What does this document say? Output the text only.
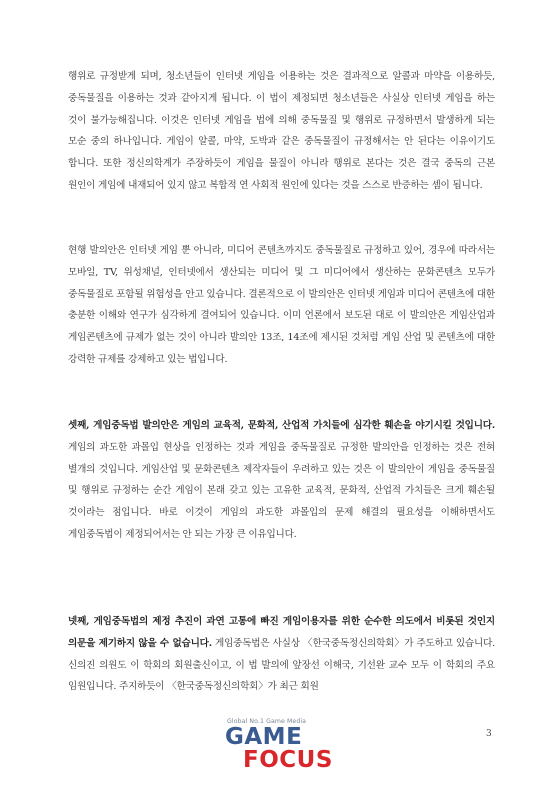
행위로 규정받게 되며, 청소년들이 인터넷 게임을 이용하는 것은 결과적으로 알콜과 마약을 이용하듯, 중독물질을 이용하는 것과 같아지게 됩니다. 이 법이 제정되면 청소년들은 사실상 인터넷 게임을 하는 것이 불가능해집니다. 이것은 인터넷 게임을 법에 의해 중독물질 및 행위로 규정하면서 발생하게 되는 모순 중의 하나입니다. 게임이 알콜, 마약, 도박과 같은 중독물질이 규정해서는 안 된다는 이유이기도 합니다. 또한 정신의학계가 주장하듯이 게임을 물질이 아니라 행위로 본다는 것은 결국 중독의 근본 원인이 게임에 내재되어 있지 않고 복합적 연 사회적 원인에 있다는 것을 스스로 반증하는 셈이 됩니다.

현행 발의안은 인터넷 게임 뿐 아니라, 미디어 콘텐츠까지도 중독물질로 규정하고 있어, 경우에 따라서는 모바일, TV, 위성채널, 인터넷에서 생산되는 미디어 및 그 미디어에서 생산하는 문화콘텐츠 모두가 중독물질로 포함될 위험성을 안고 있습니다. 결론적으로 이 발의안은 인터넷 게임과 미디어 콘텐츠에 대한 충분한 이해와 연구가 심각하게 결여되어 있습니다. 이미 언론에서 보도된 대로 이 발의안은 게임산업과 게임콘텐츠에 규제가 없는 것이 아니라 발의안 13조, 14조에 제시된 것처럼 게임 산업 및 콘텐츠에 대한 강력한 규제를 강제하고 있는 법입니다.

셋째, 게임중독법 발의안은 게임의 교육적, 문화적, 산업적 가치들에 심각한 훼손을 야기시킬 것입니다. 게임의 과도한 과몰입 현상을 인정하는 것과 게임을 중독물질로 규정한 발의안을 인정하는 것은 전혀 별개의 것입니다. 게임산업 및 문화콘텐츠 제작자들이 우려하고 있는 것은 이 발의안이 게임을 중독물질 및 행위로 규정하는 순간 게임이 본래 갖고 있는 고유한 교육적, 문화적, 산업적 가치들은 크게 훼손될 것이라는 점입니다. 바로 이것이 게임의 과도한 과몰입의 문제 해결의 필요성을 이해하면서도 게임중독법이 제정되어서는 안 되는 가장 큰 이유입니다.

넷째, 게임중독법의 제정 추진이 과연 고통에 빠진 게임이용자를 위한 순수한 의도에서 비롯된 것인지 의문을 제기하지 않을 수 없습니다. 게임중독법은 사실상 〈한국중독정신의학회〉가 주도하고 있습니다. 신의진 의원도 이 학회의 회원출신이고, 이 법 발의에 앞장선 이해국, 기선완 교수 모두 이 학회의 주요 임원입니다. 주지하듯이 〈한국중독정신의학회〉가 최근 회원

Global No.1 Game Media
GAME
FOCUS
3
